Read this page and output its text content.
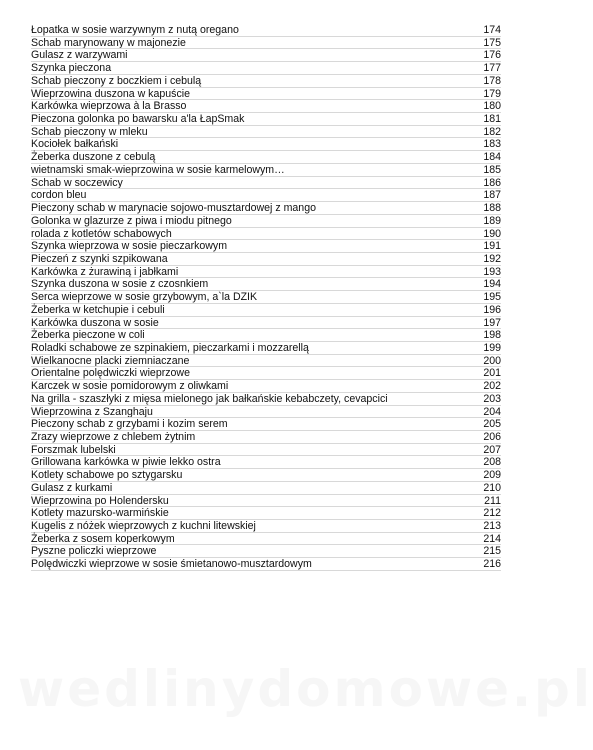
Łopatka w sosie warzywnym z nutą oregano	174
Schab marynowany w majonezie	175
Gulasz z warzywami	176
Szynka pieczona	177
Schab pieczony z boczkiem i cebulą	178
Wieprzowina duszona w kapuście	179
Karkówka wieprzowa à la Brasso	180
Pieczona golonka po bawarsku a'la ŁapSmak	181
Schab pieczony w mleku	182
Kociołek bałkański	183
Żeberka duszone z cebulą	184
wietnamski smak-wieprzowina w sosie karmelowym…	185
Schab w soczewicy	186
cordon bleu	187
Pieczony schab w marynacie sojowo-musztardowej z mango	188
Golonka w glazurze z piwa i miodu pitnego	189
rolada z kotletów schabowych	190
Szynka wieprzowa w sosie pieczarkowym	191
Pieczeń z szynki szpikowana	192
Karkówka z żurawiną i jabłkami	193
Szynka duszona w sosie z czosnkiem	194
Serca wieprzowe w sosie grzybowym, a`la DZIK	195
Żeberka w ketchupie i cebuli	196
Karkówka duszona w sosie	197
Żeberka pieczone w coli	198
Roladki schabowe ze szpinakiem, pieczarkami i mozzarellą	199
Wielkanocne placki ziemniaczane	200
Orientalne polędwiczki wieprzowe	201
Karczek w sosie pomidorowym z oliwkami	202
Na grilla - szaszłyki z mięsa mielonego jak bałkańskie kebabczety, cevapcici	203
Wieprzowina z Szanghaju	204
Pieczony schab z grzybami i kozim serem	205
Zrazy wieprzowe z chlebem żytnim	206
Forszmak lubelski	207
Grillowana karkówka w piwie lekko ostra	208
Kotlety schabowe po sztygarsku	209
Gulasz z kurkami	210
Wieprzowina po Holendersku	211
Kotlety mazursko-warmińskie	212
Kugelis z nóżek wieprzowych z kuchni litewskiej	213
Żeberka z sosem koperkowym	214
Pyszne policzki wieprzowe	215
Polędwiczki wieprzowe w sosie śmietanowo-musztardowym	216
wedlinydomowe.pl
